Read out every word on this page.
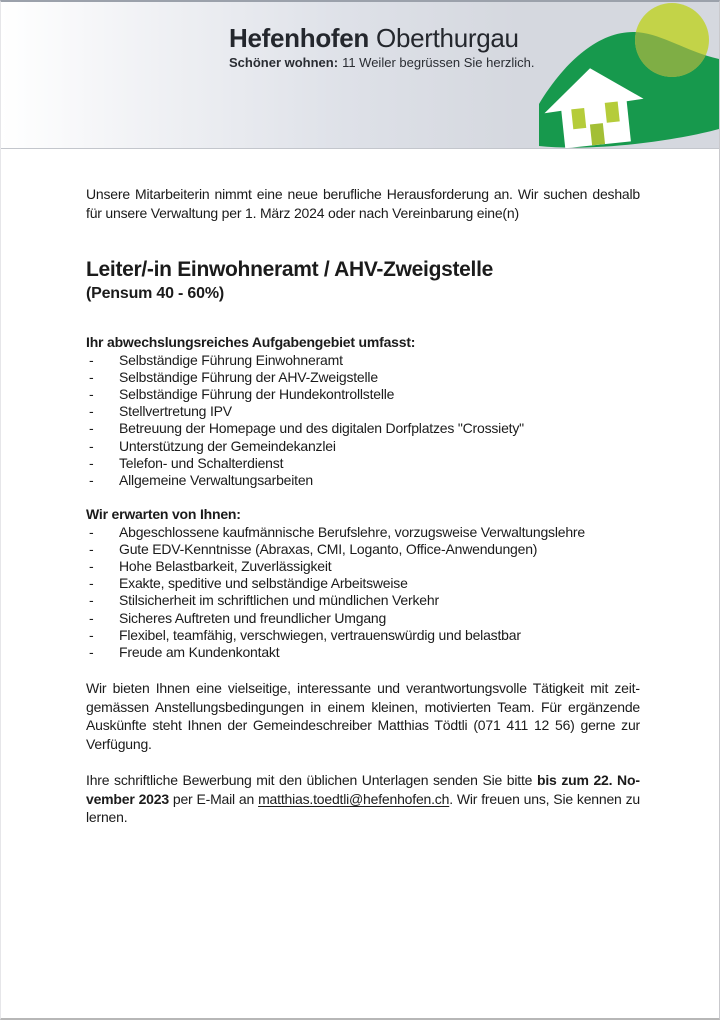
Hefenhofen Oberthurgau
Schöner wohnen: 11 Weiler begrüssen Sie herzlich.

Unsere Mitarbeiterin nimmt eine neue berufliche Herausforderung an. Wir suchen deshalb für unsere Verwaltung per 1. März 2024 oder nach Vereinbarung eine(n)

Leiter/-in Einwohneramt / AHV-Zweigstelle
(Pensum 40 - 60%)
Ihr abwechslungsreiches Aufgabengebiet umfasst:
-	Selbständige Führung Einwohneramt
-	Selbständige Führung der AHV-Zweigstelle
-	Selbständige Führung der Hundekontrollstelle
-	Stellvertretung IPV
-	Betreuung der Homepage und des digitalen Dorfplatzes "Crossiety"
-	Unterstützung der Gemeindekanzlei
-	Telefon- und Schalterdienst
-	Allgemeine Verwaltungsarbeiten
Wir erwarten von Ihnen:
-	Abgeschlossene kaufmännische Berufslehre, vorzugsweise Verwaltungslehre
-	Gute EDV-Kenntnisse (Abraxas, CMI, Loganto, Office-Anwendungen)
-	Hohe Belastbarkeit, Zuverlässigkeit
-	Exakte, speditive und selbständige Arbeitsweise
-	Stilsicherheit im schriftlichen und mündlichen Verkehr
-	Sicheres Auftreten und freundlicher Umgang
-	Flexibel, teamfähig, verschwiegen, vertrauenswürdig und belastbar
-	Freude am Kundenkontakt

Wir bieten Ihnen eine vielseitige, interessante und verantwortungsvolle Tätigkeit mit zeitgemässen Anstellungsbedingungen in einem kleinen, motivierten Team. Für ergänzende Auskünfte steht Ihnen der Gemeindeschreiber Matthias Tödtli (071 411 12 56) gerne zur Verfügung.

Ihre schriftliche Bewerbung mit den üblichen Unterlagen senden Sie bitte bis zum 22. November 2023 per E-Mail an matthias.toedtli@hefenhofen.ch. Wir freuen uns, Sie kennen zu lernen.
